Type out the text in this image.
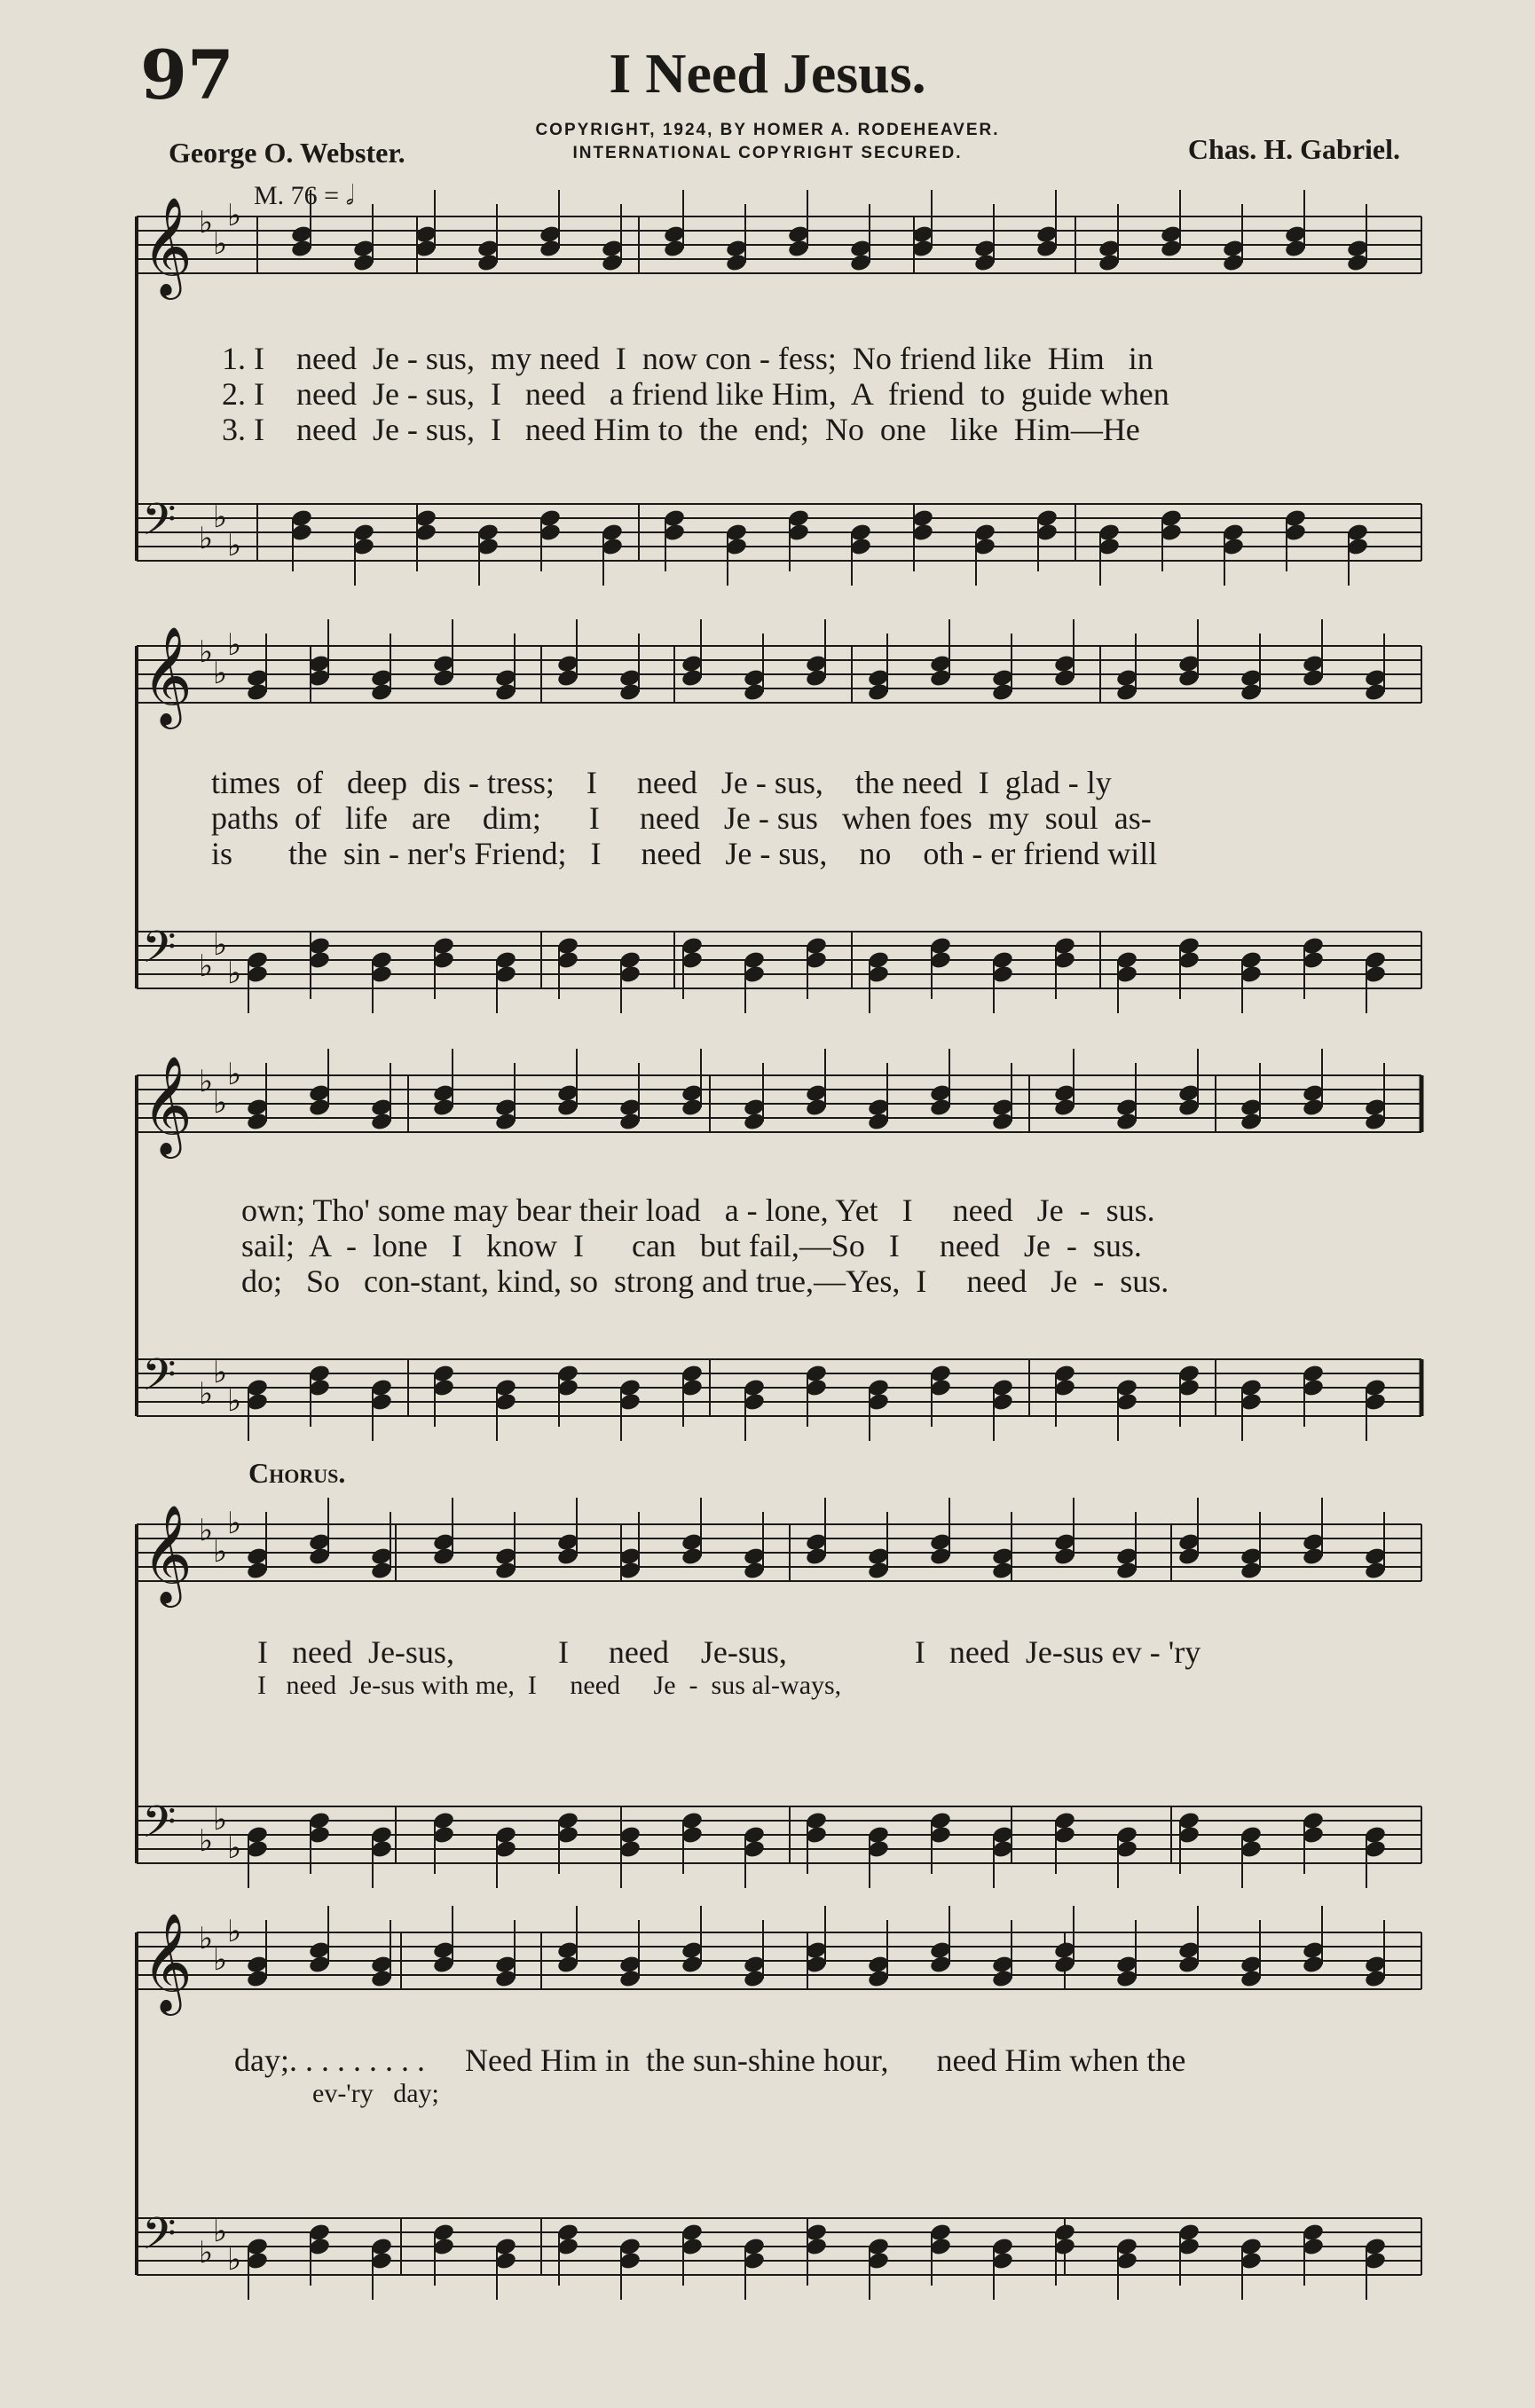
97	I Need Jesus.
COPYRIGHT, 1924, BY HOMER A. RODEHEAVER.
INTERNATIONAL COPYRIGHT SECURED.
George O. Webster.	Chas. H. Gabriel.
M. 76 = 𝅗𝅥
𝄞 ♭
♭
♭
𝄢 ♭
♭
♭
𝄞 ♭
♭
♭
𝄢 ♭
♭
♭
𝄞 ♭
♭
♭
𝄢 ♭
♭
♭
𝄞 ♭
♭
♭
𝄢 ♭
♭
♭
𝄞 ♭
♭
♭
𝄢 ♭
♭
♭
1. I    need  Je - sus,  my need  I  now con - fess;  No friend like  Him   in
2. I    need  Je - sus,  I   need   a friend like Him,  A  friend  to  guide when
3. I    need  Je - sus,  I   need Him to  the  end;  No  one   like  Him—He
times  of   deep  dis - tress;    I     need   Je - sus,    the need  I  glad - ly
paths  of   life   are    dim;      I     need   Je - sus   when foes  my  soul  as-
is       the  sin - ner's Friend;   I     need   Je - sus,    no    oth - er friend will
own; Tho' some may bear their load   a - lone, Yet   I     need   Je  -  sus.
sail;  A  -  lone   I   know  I      can   but fail,—So   I     need   Je  -  sus.
do;   So   con-stant, kind, so  strong and true,—Yes,  I     need   Je  -  sus.
Chorus.
I   need  Je-sus,             I     need    Je-sus,                I   need  Je-sus ev - 'ry
I   need  Je-sus with me,  I     need     Je  -  sus al-ways,
day;. . . . . . . . .     Need Him in  the sun-shine hour,      need Him when the
ev-'ry   day;
